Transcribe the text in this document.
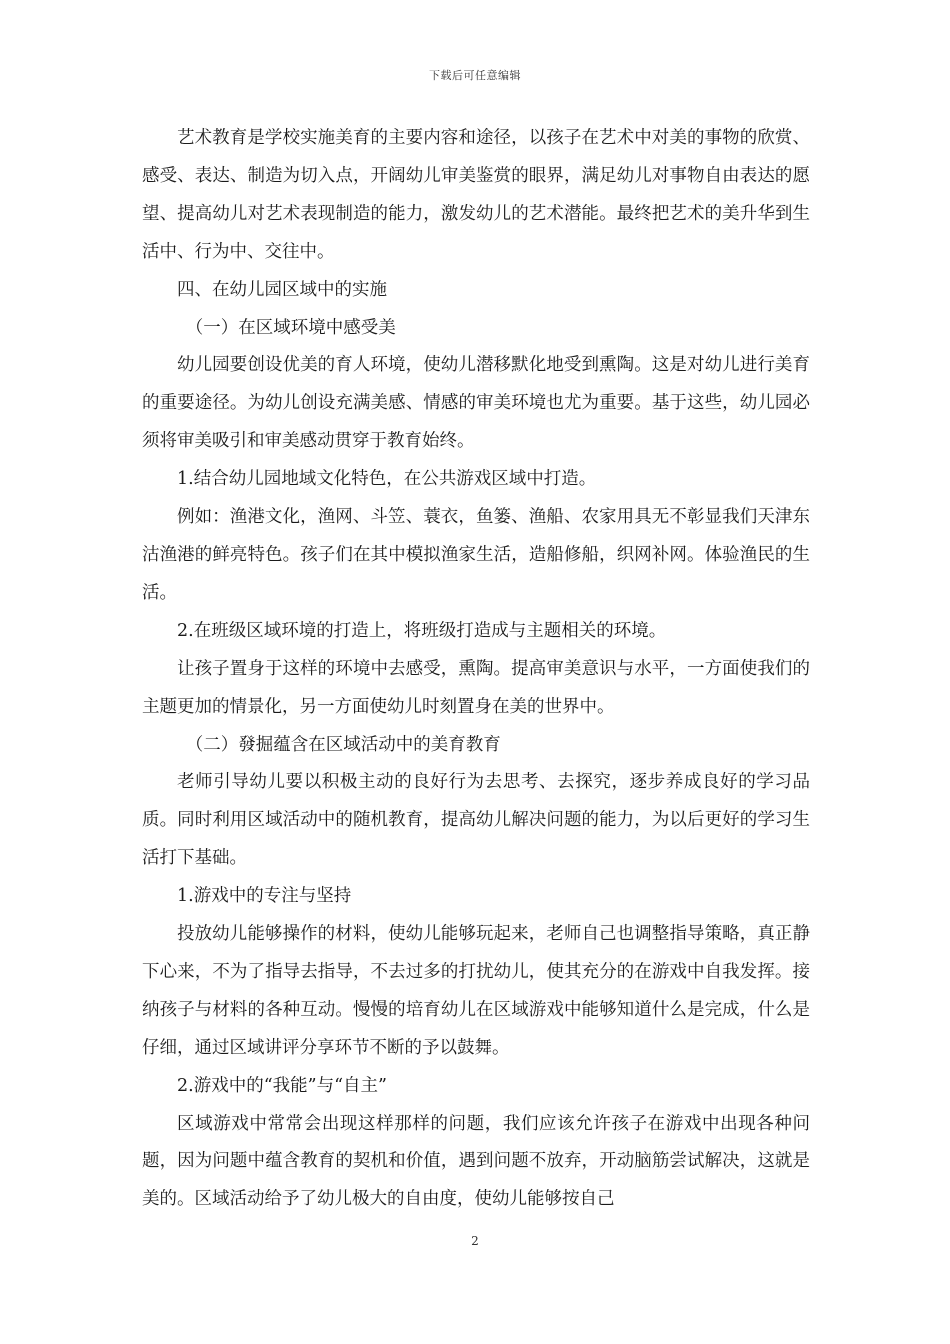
下载后可任意编辑

艺术教育是学校实施美育的主要内容和途径，以孩子在艺术中对美的事物的欣赏、感受、表达、制造为切入点，开阔幼儿审美鉴赏的眼界，满足幼儿对事物自由表达的愿望、提高幼儿对艺术表现制造的能力，激发幼儿的艺术潜能。最终把艺术的美升华到生活中、行为中、交往中。

四、在幼儿园区域中的实施

（一）在区域环境中感受美

幼儿园要创设优美的育人环境，使幼儿潜移默化地受到熏陶。这是对幼儿进行美育的重要途径。为幼儿创设充满美感、情感的审美环境也尤为重要。基于这些，幼儿园必须将审美吸引和审美感动贯穿于教育始终。

1.结合幼儿园地域文化特色，在公共游戏区域中打造。

例如：渔港文化，渔网、斗笠、蓑衣，鱼篓、渔船、农家用具无不彰显我们天津东沽渔港的鲜亮特色。孩子们在其中模拟渔家生活，造船修船，织网补网。体验渔民的生活。

2.在班级区域环境的打造上，将班级打造成与主题相关的环境。

让孩子置身于这样的环境中去感受，熏陶。提高审美意识与水平，一方面使我们的主题更加的情景化，另一方面使幼儿时刻置身在美的世界中。

（二）發掘蕴含在区域活动中的美育教育

老师引导幼儿要以积极主动的良好行为去思考、去探究，逐步养成良好的学习品质。同时利用区域活动中的随机教育，提高幼儿解决问题的能力，为以后更好的学习生活打下基础。

1.游戏中的专注与坚持

投放幼儿能够操作的材料，使幼儿能够玩起来，老师自己也调整指导策略，真正静下心来，不为了指导去指导，不去过多的打扰幼儿，使其充分的在游戏中自我发挥。接纳孩子与材料的各种互动。慢慢的培育幼儿在区域游戏中能够知道什么是完成，什么是仔细，通过区域讲评分享环节不断的予以鼓舞。

2.游戏中的“我能”与“自主”

区域游戏中常常会出现这样那样的问题，我们应该允许孩子在游戏中出现各种问题，因为问题中蕴含教育的契机和价值，遇到问题不放弃，开动脑筋尝试解决，这就是美的。区域活动给予了幼儿极大的自由度，使幼儿能够按自己

2
